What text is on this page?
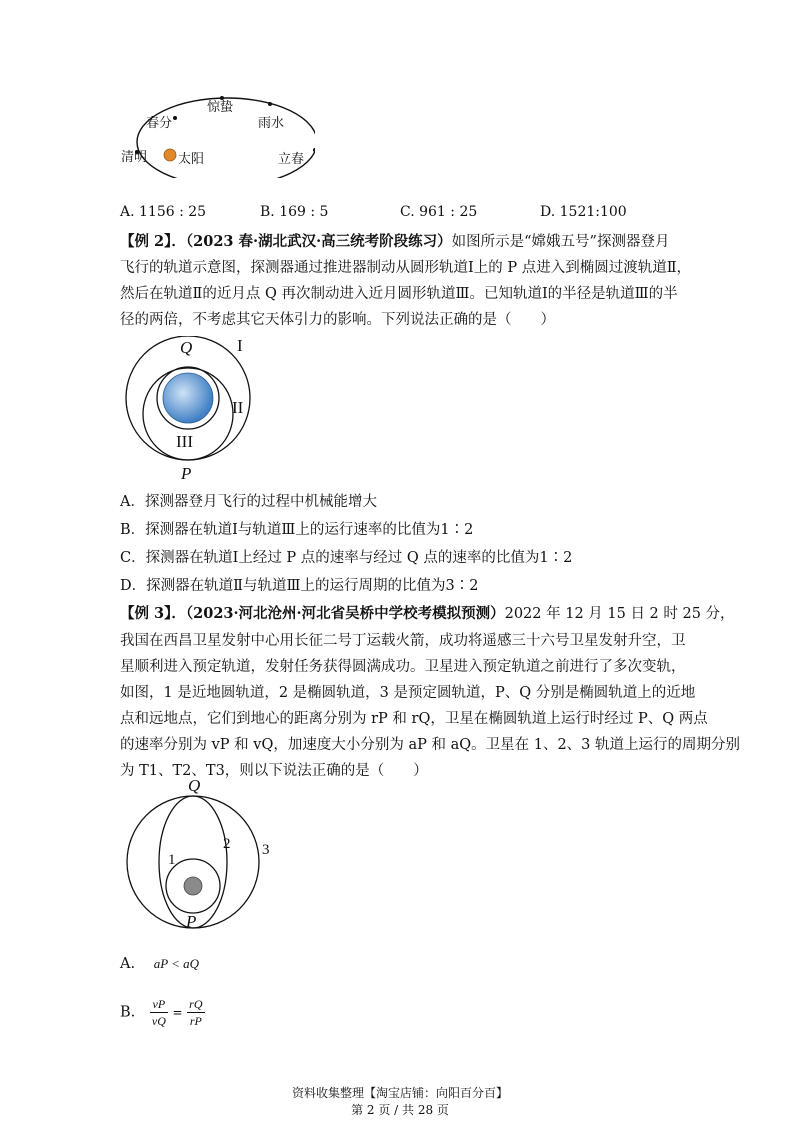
惊蛰
春分	雨水
清明 太阳	立春
A. 1156 : 25	B. 169 : 5	C. 961 : 25	D. 1521:100
【例 2】．（2023 春·湖北武汉·高三统考阶段练习）如图所示是“嫦娥五号”探测器登月
飞行的轨道示意图，探测器通过推进器制动从圆形轨道Ⅰ上的 P 点进入到椭圆过渡轨道Ⅱ，
然后在轨道Ⅱ的近月点 Q 再次制动进入近月圆形轨道Ⅲ。已知轨道Ⅰ的半径是轨道Ⅲ的半
径的两倍，不考虑其它天体引力的影响。下列说法正确的是（　　）
Q	I
II
III
P
A．探测器登月飞行的过程中机械能增大
B．探测器在轨道Ⅰ与轨道Ⅲ上的运行速率的比值为1∶2
C．探测器在轨道Ⅰ上经过 P 点的速率与经过 Q 点的速率的比值为1∶2
D．探测器在轨道Ⅱ与轨道Ⅲ上的运行周期的比值为3∶2
【例 3】．（2023·河北沧州·河北省吴桥中学校考模拟预测）2022 年 12 月 15 日 2 时 25 分，
我国在西昌卫星发射中心用长征二号丁运载火箭，成功将遥感三十六号卫星发射升空，卫
星顺利进入预定轨道，发射任务获得圆满成功。卫星进入预定轨道之前进行了多次变轨，
如图，1 是近地圆轨道，2 是椭圆轨道，3 是预定圆轨道，P、Q 分别是椭圆轨道上的近地
点和远地点，它们到地心的距离分别为 rP 和 rQ，卫星在椭圆轨道上运行时经过 P、Q 两点
的速率分别为 vP 和 vQ，加速度大小分别为 aP 和 aQ。卫星在 1、2、3 轨道上运行的周期分别
为 T1、T2、T3，则以下说法正确的是（　　）
Q
1
2 3
P
A. aP < aQ
B. $\frac{vP}{vQ} = \frac{rQ}{rP}$
资料收集整理【淘宝店铺：向阳百分百】
第 2 页 / 共 28 页
